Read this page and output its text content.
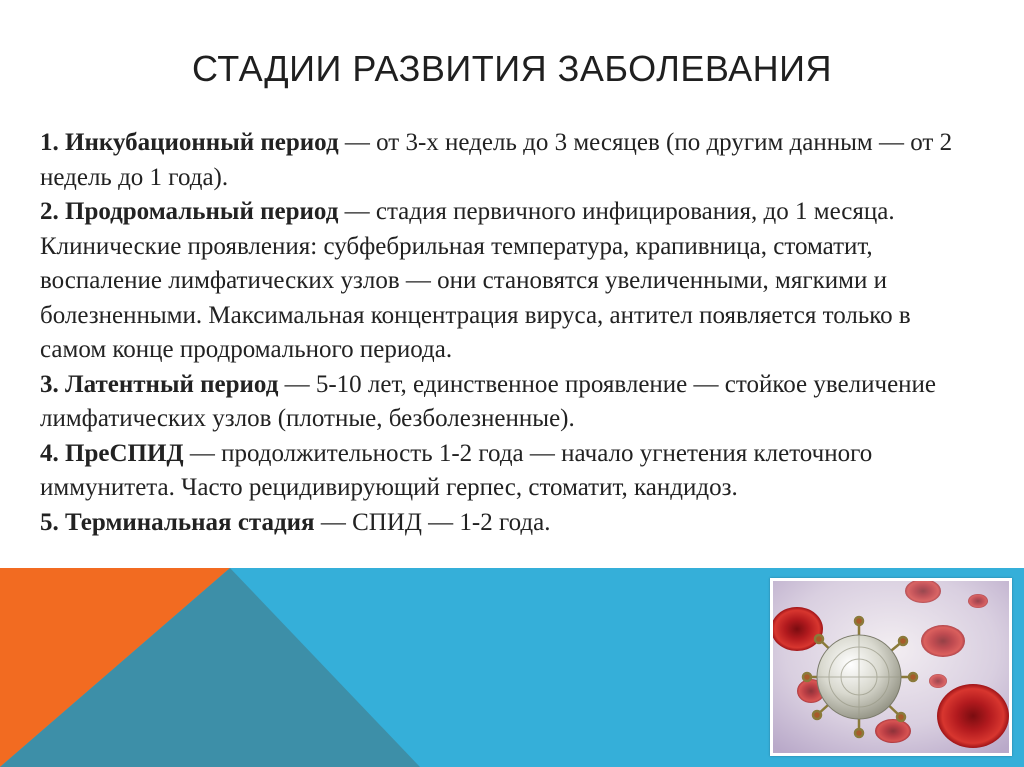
СТАДИИ РАЗВИТИЯ ЗАБОЛЕВАНИЯ

1. Инкубационный период — от 3-х недель до 3 месяцев (по другим данным — от 2 недель до 1 года).

2. Продромальный период — стадия первичного инфицирования, до 1 месяца. Клинические проявления: субфебрильная температура, крапивница, стоматит, воспаление лимфатических узлов — они становятся увеличенными, мягкими и болезненными. Максимальная концентрация вируса, антител появляется только в самом конце продромального периода.

3. Латентный период — 5-10 лет, единственное проявление — стойкое увеличение лимфатических узлов (плотные, безболезненные).

4. ПреСПИД — продолжительность 1-2 года — начало угнетения клеточного иммунитета. Часто рецидивирующий герпес, стоматит, кандидоз.

5. Терминальная стадия — СПИД — 1-2 года.
